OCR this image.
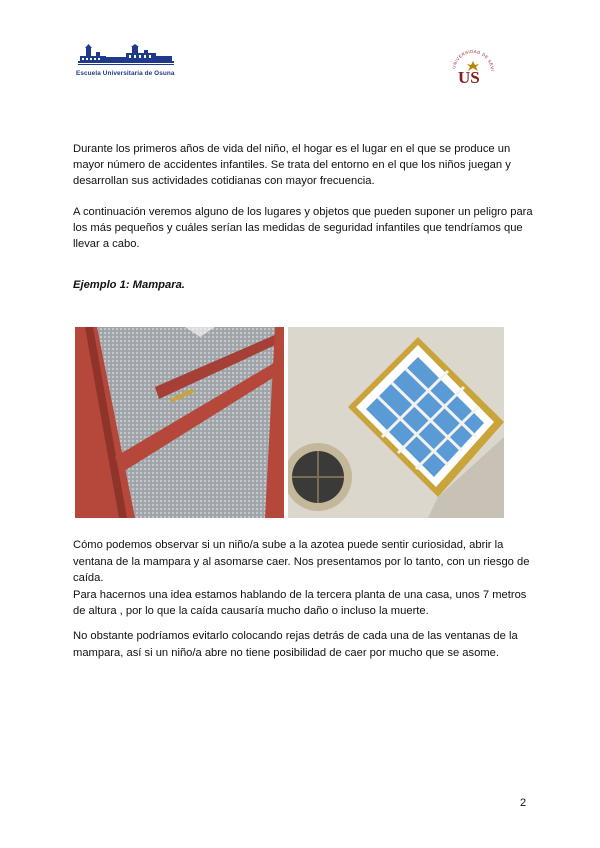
Escuela Universitaria de Osuna
UNIVERSIDAD DE SEVI
US
Durante los primeros años de vida del niño, el hogar es el lugar en el que se produce un mayor número de accidentes infantiles. Se trata del entorno en el que los niños juegan y desarrollan sus actividades cotidianas con mayor frecuencia.
A continuación veremos alguno de los lugares y objetos que pueden suponer un peligro para los más pequeños y cuáles serían las medidas de seguridad infantiles que tendríamos que llevar a cabo.
Ejemplo 1: Mampara.
Cómo podemos observar si un niño/a sube a la azotea puede sentir curiosidad, abrir la ventana de la mampara y al asomarse caer. Nos presentamos por lo tanto, con un riesgo de caída.
Para hacernos una idea estamos hablando de la tercera planta de una casa, unos 7 metros de altura , por lo que la caída causaría mucho daño o incluso la muerte.
No obstante podríamos evitarlo colocando rejas detrás de cada una de las ventanas de la mampara, así si un niño/a abre no tiene posibilidad de caer por mucho que se asome.
2
